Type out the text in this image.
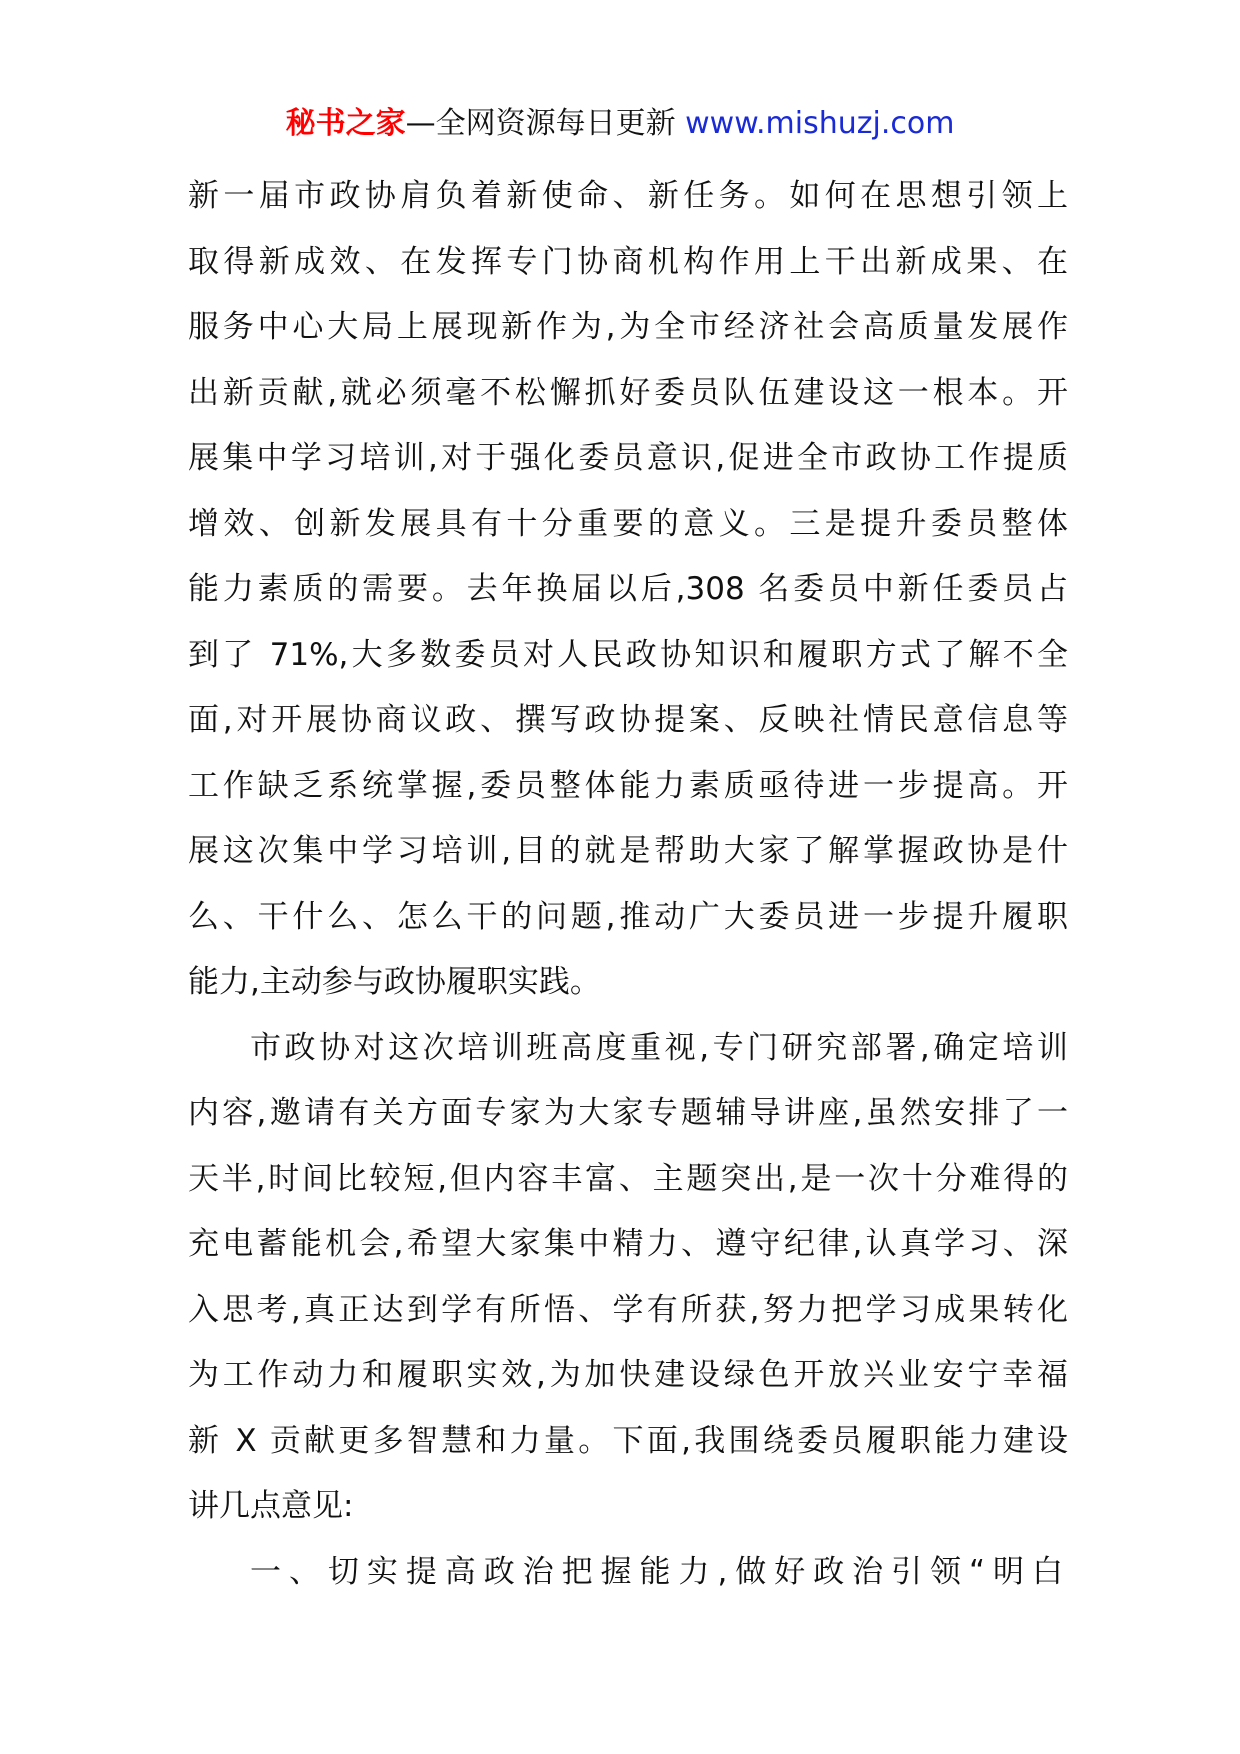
秘书之家—全网资源每日更新 www.mishuzj.com
新一届市政协肩负着新使命、新任务。如何在思想引领上
取得新成效、在发挥专门协商机构作用上干出新成果、在
服务中心大局上展现新作为,为全市经济社会高质量发展作
出新贡献,就必须毫不松懈抓好委员队伍建设这一根本。开
展集中学习培训,对于强化委员意识,促进全市政协工作提质
增效、创新发展具有十分重要的意义。三是提升委员整体
能力素质的需要。去年换届以后,308 名委员中新任委员占
到了 71%,大多数委员对人民政协知识和履职方式了解不全
面,对开展协商议政、撰写政协提案、反映社情民意信息等
工作缺乏系统掌握,委员整体能力素质亟待进一步提高。开
展这次集中学习培训,目的就是帮助大家了解掌握政协是什
么、干什么、怎么干的问题,推动广大委员进一步提升履职
能力,主动参与政协履职实践。
市政协对这次培训班高度重视,专门研究部署,确定培训
内容,邀请有关方面专家为大家专题辅导讲座,虽然安排了一
天半,时间比较短,但内容丰富、主题突出,是一次十分难得的
充电蓄能机会,希望大家集中精力、遵守纪律,认真学习、深
入思考,真正达到学有所悟、学有所获,努力把学习成果转化
为工作动力和履职实效,为加快建设绿色开放兴业安宁幸福
新 X 贡献更多智慧和力量。下面,我围绕委员履职能力建设
讲几点意见:
一、切实提高政治把握能力,做好政治引领“明白
